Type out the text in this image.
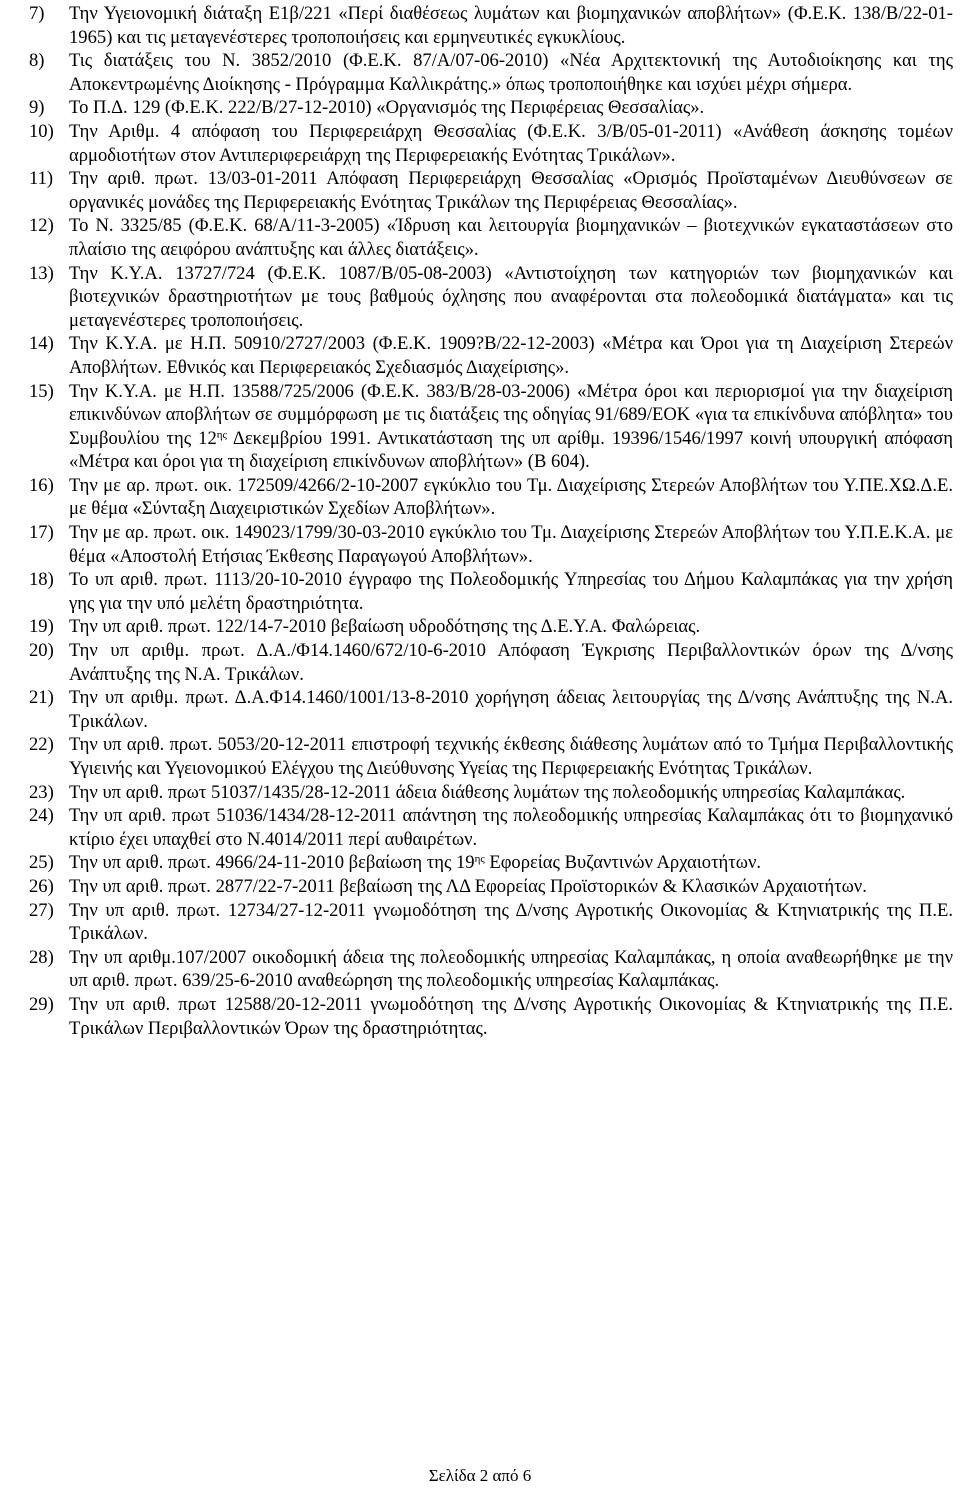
7)	Την Υγειονομική διάταξη Ε1β/221 «Περί διαθέσεως λυμάτων και βιομηχανικών αποβλήτων» (Φ.Ε.Κ. 138/Β/22-01-1965) και τις μεταγενέστερες τροποποιήσεις και ερμηνευτικές εγκυκλίους.
8)	Τις διατάξεις του Ν. 3852/2010 (Φ.Ε.Κ. 87/Α/07-06-2010) «Νέα Αρχιτεκτονική της Αυτοδιοίκησης και της Αποκεντρωμένης Διοίκησης - Πρόγραμμα Καλλικράτης.» όπως τροποποιήθηκε και ισχύει μέχρι σήμερα.
9)	Το Π.Δ. 129 (Φ.Ε.Κ. 222/Β/27-12-2010) «Οργανισμός της Περιφέρειας Θεσσαλίας».
10) Την Αριθμ. 4 απόφαση του Περιφερειάρχη Θεσσαλίας (Φ.Ε.Κ. 3/Β/05-01-2011) «Ανάθεση άσκησης τομέων αρμοδιοτήτων στον Αντιπεριφερειάρχη της Περιφερειακής Ενότητας Τρικάλων».
11) Την αριθ. πρωτ. 13/03-01-2011 Απόφαση Περιφερειάρχη Θεσσαλίας «Ορισμός Προϊσταμένων Διευθύνσεων σε οργανικές μονάδες της Περιφερειακής Ενότητας Τρικάλων της Περιφέρειας Θεσσαλίας».
12) Το Ν. 3325/85 (Φ.Ε.Κ. 68/Α/11-3-2005) «Ίδρυση και λειτουργία βιομηχανικών – βιοτεχνικών εγκαταστάσεων στο πλαίσιο της αειφόρου ανάπτυξης και άλλες διατάξεις».
13) Την Κ.Υ.Α. 13727/724 (Φ.Ε.Κ. 1087/Β/05-08-2003) «Αντιστοίχηση των κατηγοριών των βιομηχανικών και βιοτεχνικών δραστηριοτήτων με τους βαθμούς όχλησης που αναφέρονται στα πολεοδομικά διατάγματα» και τις μεταγενέστερες τροποποιήσεις.
14) Την Κ.Υ.Α. με Η.Π. 50910/2727/2003 (Φ.Ε.Κ. 1909?Β/22-12-2003) «Μέτρα και Όροι για τη Διαχείριση Στερεών Αποβλήτων. Εθνικός και Περιφερειακός Σχεδιασμός Διαχείρισης».
15) Την Κ.Υ.Α. με Η.Π. 13588/725/2006 (Φ.Ε.Κ. 383/Β/28-03-2006) «Μέτρα όροι και περιορισμοί για την διαχείριση επικινδύνων αποβλήτων σε συμμόρφωση με τις διατάξεις της οδηγίας 91/689/ΕΟΚ «για τα επικίνδυνα απόβλητα» του Συμβουλίου της $12^{\eta\varsigma}$ Δεκεμβρίου 1991. Αντικατάσταση της υπ αρίθμ. 19396/1546/1997 κοινή υπουργική απόφαση «Μέτρα και όροι για τη διαχείριση επικίνδυνων αποβλήτων» (Β 604).
16) Την με αρ. πρωτ. οικ. 172509/4266/2-10-2007 εγκύκλιο του Τμ. Διαχείρισης Στερεών Αποβλήτων του Υ.ΠΕ.ΧΩ.Δ.Ε. με θέμα «Σύνταξη Διαχειριστικών Σχεδίων Αποβλήτων».
17) Την με αρ. πρωτ. οικ. 149023/1799/30-03-2010 εγκύκλιο του Τμ. Διαχείρισης Στερεών Αποβλήτων του Υ.Π.Ε.Κ.Α. με θέμα «Αποστολή Ετήσιας Έκθεσης Παραγωγού Αποβλήτων».
18) Το υπ αριθ. πρωτ. 1113/20-10-2010 έγγραφο της Πολεοδομικής Υπηρεσίας του Δήμου Καλαμπάκας για την χρήση γης για την υπό μελέτη δραστηριότητα.
19) Την υπ αριθ. πρωτ. 122/14-7-2010 βεβαίωση υδροδότησης της Δ.Ε.Υ.Α. Φαλώρειας.
20) Την υπ αριθμ. πρωτ. Δ.Α./Φ14.1460/672/10-6-2010 Απόφαση Έγκρισης Περιβαλλοντικών όρων της Δ/νσης Ανάπτυξης της Ν.Α. Τρικάλων.
21) Την υπ αριθμ. πρωτ. Δ.Α.Φ14.1460/1001/13-8-2010 χορήγηση άδειας λειτουργίας της Δ/νσης Ανάπτυξης της Ν.Α. Τρικάλων.
22) Την υπ αριθ. πρωτ. 5053/20-12-2011 επιστροφή τεχνικής έκθεσης διάθεσης λυμάτων από το Τμήμα Περιβαλλοντικής Υγιεινής και Υγειονομικού Ελέγχου της Διεύθυνσης Υγείας της Περιφερειακής Ενότητας Τρικάλων.
23) Την υπ αριθ. πρωτ 51037/1435/28-12-2011 άδεια διάθεσης λυμάτων της πολεοδομικής υπηρεσίας Καλαμπάκας.
24) Την υπ αριθ. πρωτ 51036/1434/28-12-2011 απάντηση της πολεοδομικής υπηρεσίας Καλαμπάκας ότι το βιομηχανικό κτίριο έχει υπαχθεί στο Ν.4014/2011 περί αυθαιρέτων.
25) Την υπ αριθ. πρωτ. 4966/24-11-2010 βεβαίωση της $19^{\eta\varsigma}$ Εφορείας Βυζαντινών Αρχαιοτήτων.
26) Την υπ αριθ. πρωτ. 2877/22-7-2011 βεβαίωση της ΛΔ Εφορείας Προϊστορικών & Κλασικών Αρχαιοτήτων.
27) Την υπ αριθ. πρωτ. 12734/27-12-2011 γνωμοδότηση της Δ/νσης Αγροτικής Οικονομίας & Κτηνιατρικής της Π.Ε. Τρικάλων.
28) Την υπ αριθμ.107/2007 οικοδομική άδεια της πολεοδομικής υπηρεσίας Καλαμπάκας, η οποία αναθεωρήθηκε με την υπ αριθ. πρωτ. 639/25-6-2010 αναθεώρηση της πολεοδομικής υπηρεσίας Καλαμπάκας.
29) Την υπ αριθ. πρωτ 12588/20-12-2011 γνωμοδότηση της Δ/νσης Αγροτικής Οικονομίας & Κτηνιατρικής της Π.Ε. Τρικάλων Περιβαλλοντικών Όρων της δραστηριότητας.
Σελίδα 2 από 6
